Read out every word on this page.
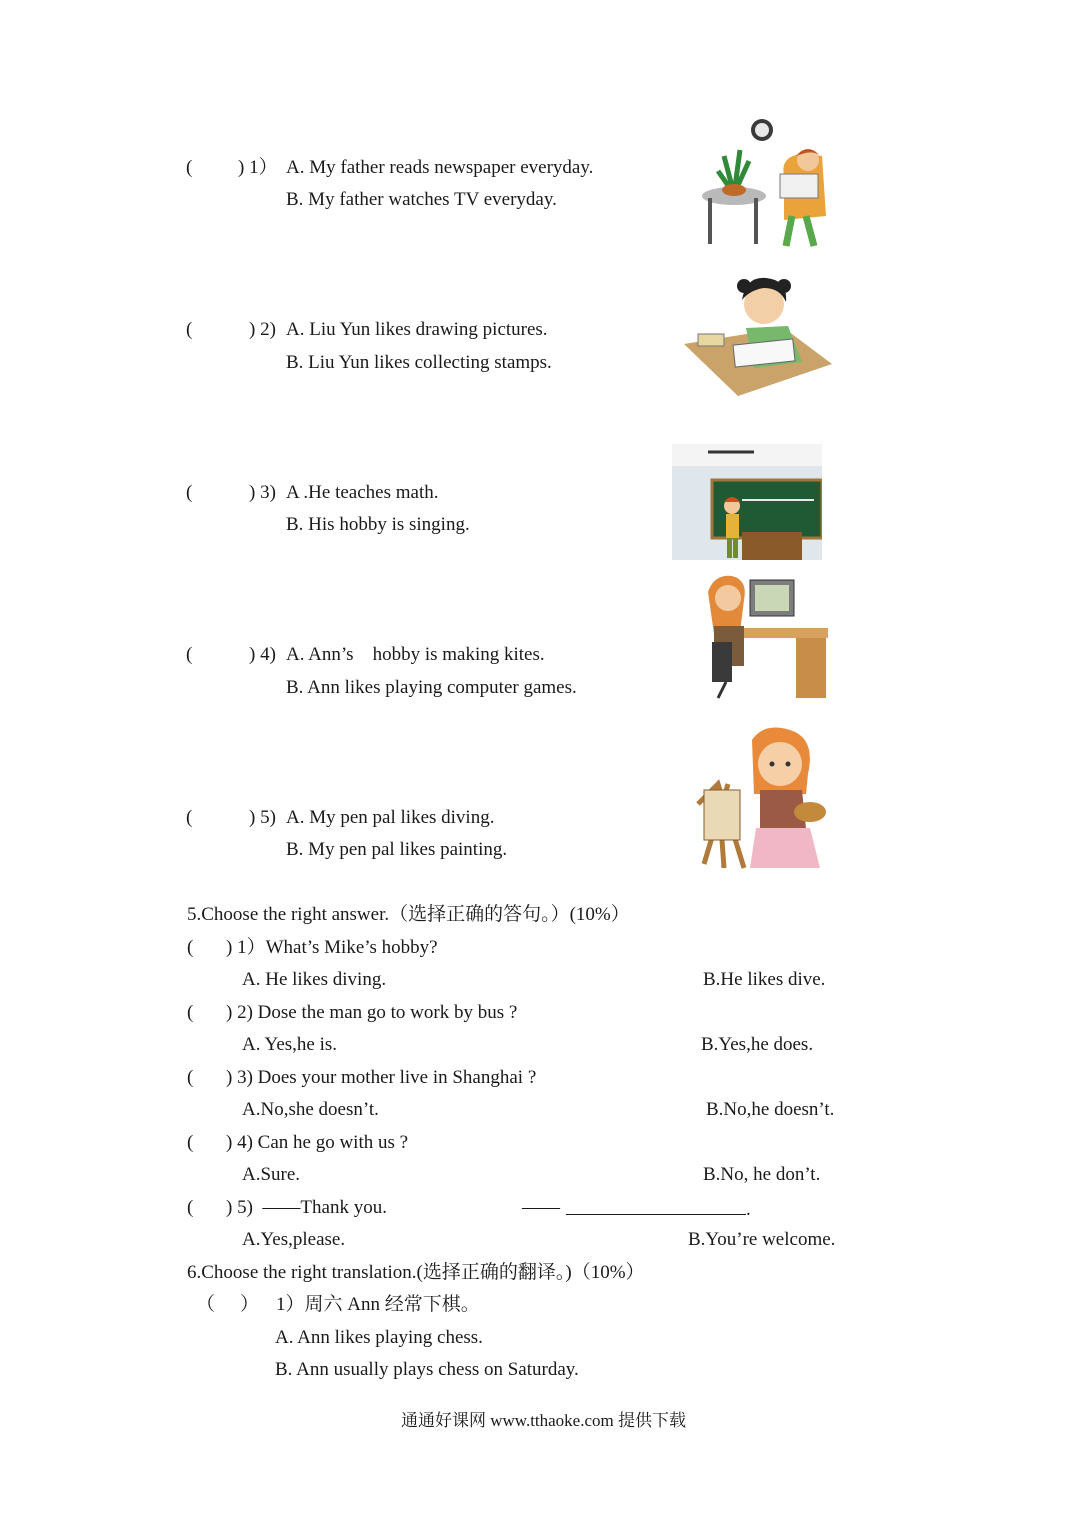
( ) 1） A. My father reads newspaper everyday.
B. My father watches TV everyday.
(	) 2) A. Liu Yun likes drawing pictures.
B. Liu Yun likes collecting stamps.
(	) 3) A .He teaches math.
B. His hobby is singing.
(	) 4) A. Ann’s    hobby is making kites.
B. Ann likes playing computer games.
(	) 5) A. My pen pal likes diving.
B. My pen pal likes painting.
5.Choose the right answer.（选择正确的答句。）(10%）
( ) 1）What’s Mike’s hobby?
A. He likes diving.	B.He likes dive.
( ) 2) Dose the man go to work by bus ?
A. Yes,he is.	B.Yes,he does.
( ) 3) Does your mother live in Shanghai ?
A.No,she doesn’t.	B.No,he doesn’t.
( ) 4) Can he go with us ?
A.Sure.	B.No, he don’t.
( ) 5)  ——Thank you.	——	.
A.Yes,please.	B.You’re welcome.
6.Choose the right translation.(选择正确的翻译。)（10%）
（ ） 1）周六 Ann 经常下棋。
A. Ann likes playing chess.
B. Ann usually plays chess on Saturday.
通通好课网 www.tthaoke.com 提供下载
